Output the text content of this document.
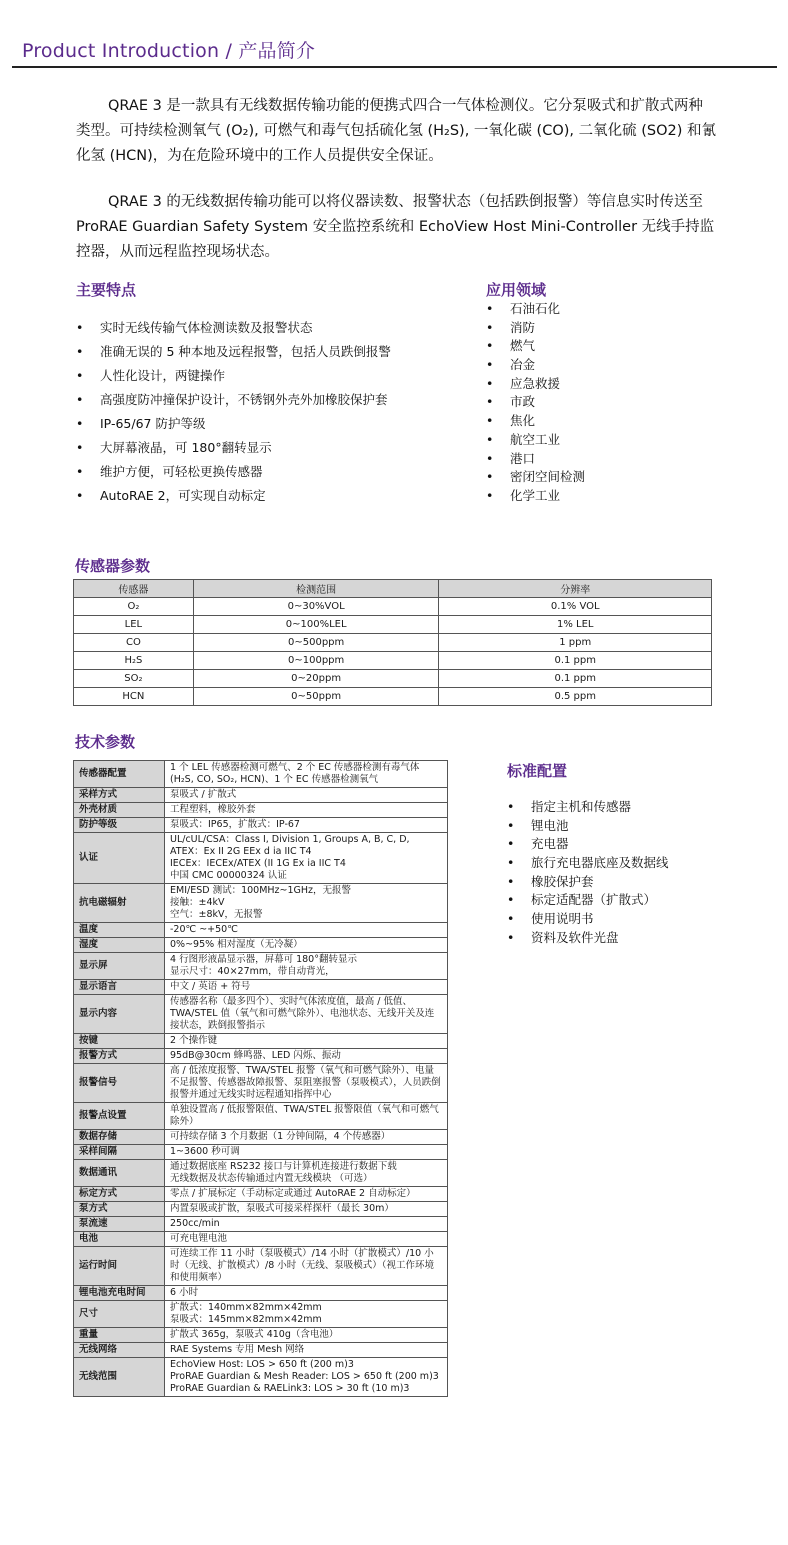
Product Introduction / 产品简介
QRAE 3 是一款具有无线数据传输功能的便携式四合一气体检测仪。它分泵吸式和扩散式两种类型。可持续检测氧气 (O₂), 可燃气和毒气包括硫化氢 (H₂S), 一氧化碳 (CO), 二氧化硫 (SO2) 和氰化氢 (HCN)，为在危险环境中的工作人员提供安全保证。
QRAE 3 的无线数据传输功能可以将仪器读数、报警状态（包括跌倒报警）等信息实时传送至 ProRAE Guardian Safety System 安全监控系统和 EchoView Host Mini-Controller 无线手持监控器，从而远程监控现场状态。
主要特点
• 实时无线传输气体检测读数及报警状态
• 准确无误的 5 种本地及远程报警，包括人员跌倒报警
• 人性化设计，两键操作
• 高强度防冲撞保护设计，不锈钢外壳外加橡胶保护套
• IP-65/67 防护等级
• 大屏幕液晶，可 180°翻转显示
• 维护方便，可轻松更换传感器
• AutoRAE 2，可实现自动标定
应用领域
• 石油石化
• 消防
• 燃气
• 冶金
• 应急救援
• 市政
• 焦化
• 航空工业
• 港口
• 密闭空间检测
• 化学工业
传感器参数
传感器	检测范围	分辨率
O₂	0~30%VOL	0.1% VOL
LEL	0~100%LEL	1% LEL
CO	0~500ppm	1 ppm
H₂S	0~100ppm	0.1 ppm
SO₂	0~20ppm	0.1 ppm
HCN	0~50ppm	0.5 ppm
技术参数
传感器配置	1 个 LEL 传感器检测可燃气、2 个 EC 传感器检测有毒气体 (H₂S, CO, SO₂, HCN)、1 个 EC 传感器检测氧气
采样方式	泵吸式 / 扩散式
外壳材质	工程塑料，橡胶外套
防护等级	泵吸式：IP65，扩散式：IP-67
认证	UL/cUL/CSA：Class I, Division 1, Groups A, B, C, D,
ATEX：Ex II 2G EEx d ia IIC T4
IECEx：IECEx/ATEX (II 1G Ex ia IIC T4
中国 CMC 00000324 认证
抗电磁辐射	EMI/ESD 测试：100MHz~1GHz，无报警
接触：±4kV
空气：±8kV，无报警
温度	-20℃ ~+50℃
湿度	0%~95% 相对湿度（无冷凝）
显示屏	4 行图形液晶显示器，屏幕可 180°翻转显示
显示尺寸：40×27mm，带自动背光，
显示语言	中文 / 英语 + 符号
显示内容	传感器名称（最多四个）、实时气体浓度值，最高 / 低值、TWA/STEL 值（氧气和可燃气除外）、电池状态、无线开关及连接状态，跌倒报警指示
按键	2 个操作键
报警方式	95dB@30cm 蜂鸣器、LED 闪烁、振动
报警信号	高 / 低浓度报警、TWA/STEL 报警（氧气和可燃气除外）、电量不足报警、传感器故障报警、泵阻塞报警（泵吸模式），人员跌倒报警并通过无线实时远程通知指挥中心
报警点设置	单独设置高 / 低报警限值、TWA/STEL 报警限值（氧气和可燃气除外）
数据存储	可持续存储 3 个月数据（1 分钟间隔，4 个传感器）
采样间隔	1~3600 秒可调
数据通讯	通过数据底座 RS232 接口与计算机连接进行数据下载
无线数据及状态传输通过内置无线模块 （可选）
标定方式	零点 / 扩展标定（手动标定或通过 AutoRAE 2 自动标定）
泵方式	内置泵吸或扩散，泵吸式可接采样探杆（最长 30m）
泵流速	250cc/min
电池	可充电锂电池
运行时间	可连续工作 11 小时（泵吸模式）/14 小时（扩散模式）/10 小时（无线、扩散模式）/8 小时（无线、泵吸模式）（视工作环境和使用频率）
锂电池充电时间	6 小时
尺寸	扩散式：140mm×82mm×42mm
泵吸式：145mm×82mm×42mm
重量	扩散式 365g，泵吸式 410g（含电池）
无线网络	RAE Systems 专用 Mesh 网络
无线范围	EchoView Host: LOS > 650 ft (200 m)3
ProRAE Guardian & Mesh Reader: LOS > 650 ft (200 m)3
ProRAE Guardian & RAELink3: LOS > 30 ft (10 m)3
标准配置
• 指定主机和传感器
• 锂电池
• 充电器
• 旅行充电器底座及数据线
• 橡胶保护套
• 标定适配器（扩散式）
• 使用说明书
• 资料及软件光盘
